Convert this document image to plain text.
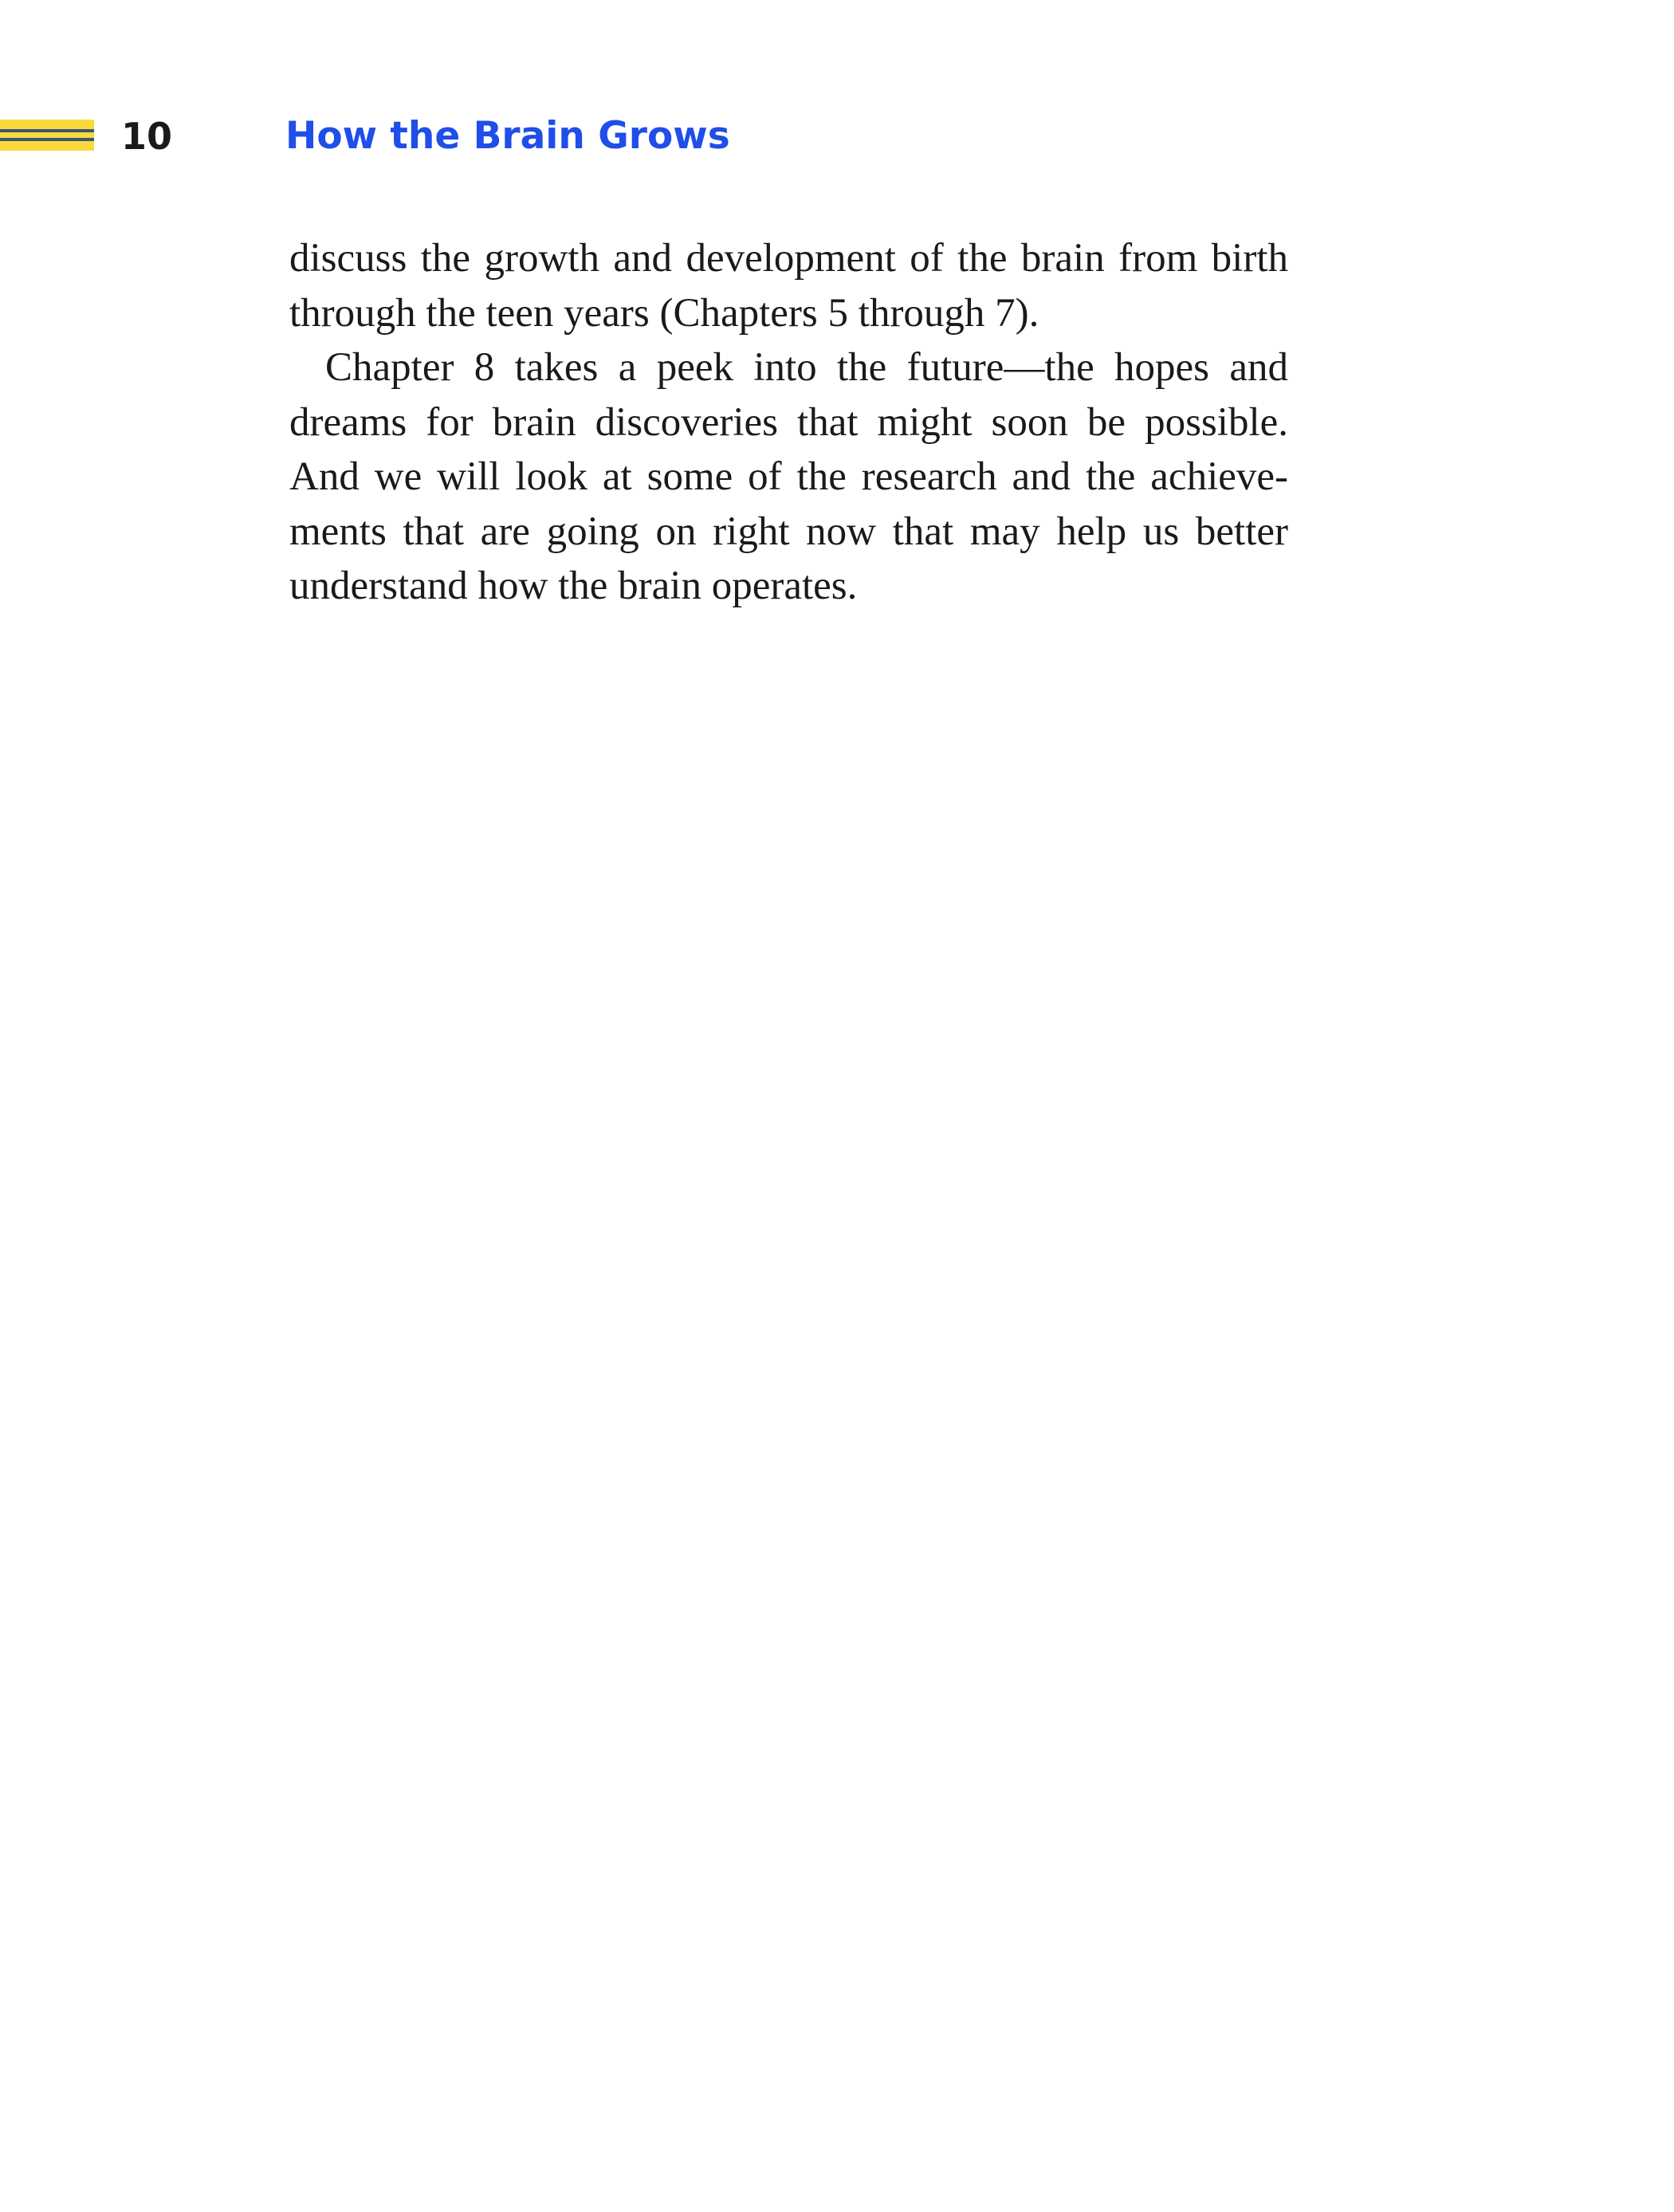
10	How the Brain Grows

discuss the growth and development of the brain from birth through the teen years (Chapters 5 through 7).

Chapter 8 takes a peek into the future—the hopes and dreams for brain discoveries that might soon be possible. And we will look at some of the research and the achievements that are going on right now that may help us better understand how the brain operates.
